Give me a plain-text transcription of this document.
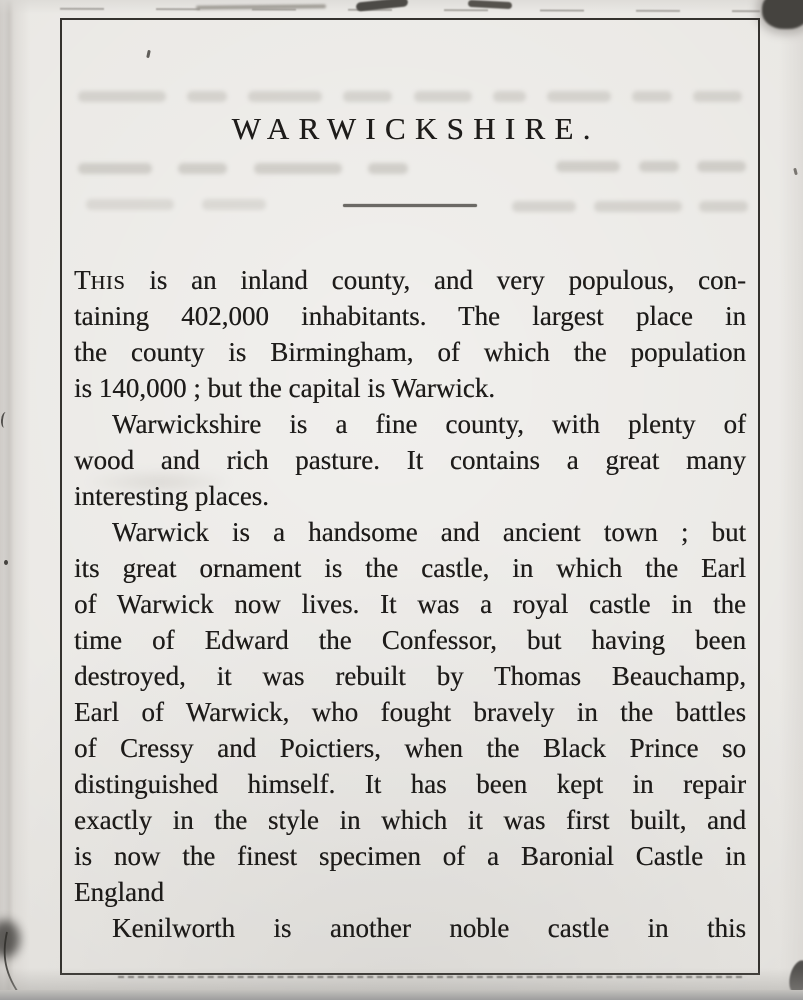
WARWICKSHIRE.
THIS is an inland county, and very populous, con-
taining 402,000 inhabitants. The largest place in
the county is Birmingham, of which the population
is 140,000 ; but the capital is Warwick.
Warwickshire is a fine county, with plenty of
wood and rich pasture. It contains a great many
interesting places.
Warwick is a handsome and ancient town ; but
its great ornament is the castle, in which the Earl
of Warwick now lives. It was a royal castle in the
time of Edward the Confessor, but having been
destroyed, it was rebuilt by Thomas Beauchamp,
Earl of Warwick, who fought bravely in the battles
of Cressy and Poictiers, when the Black Prince so
distinguished himself. It has been kept in repair
exactly in the style in which it was first built, and
is now the finest specimen of a Baronial Castle in
England
Kenilworth is another noble castle in this
